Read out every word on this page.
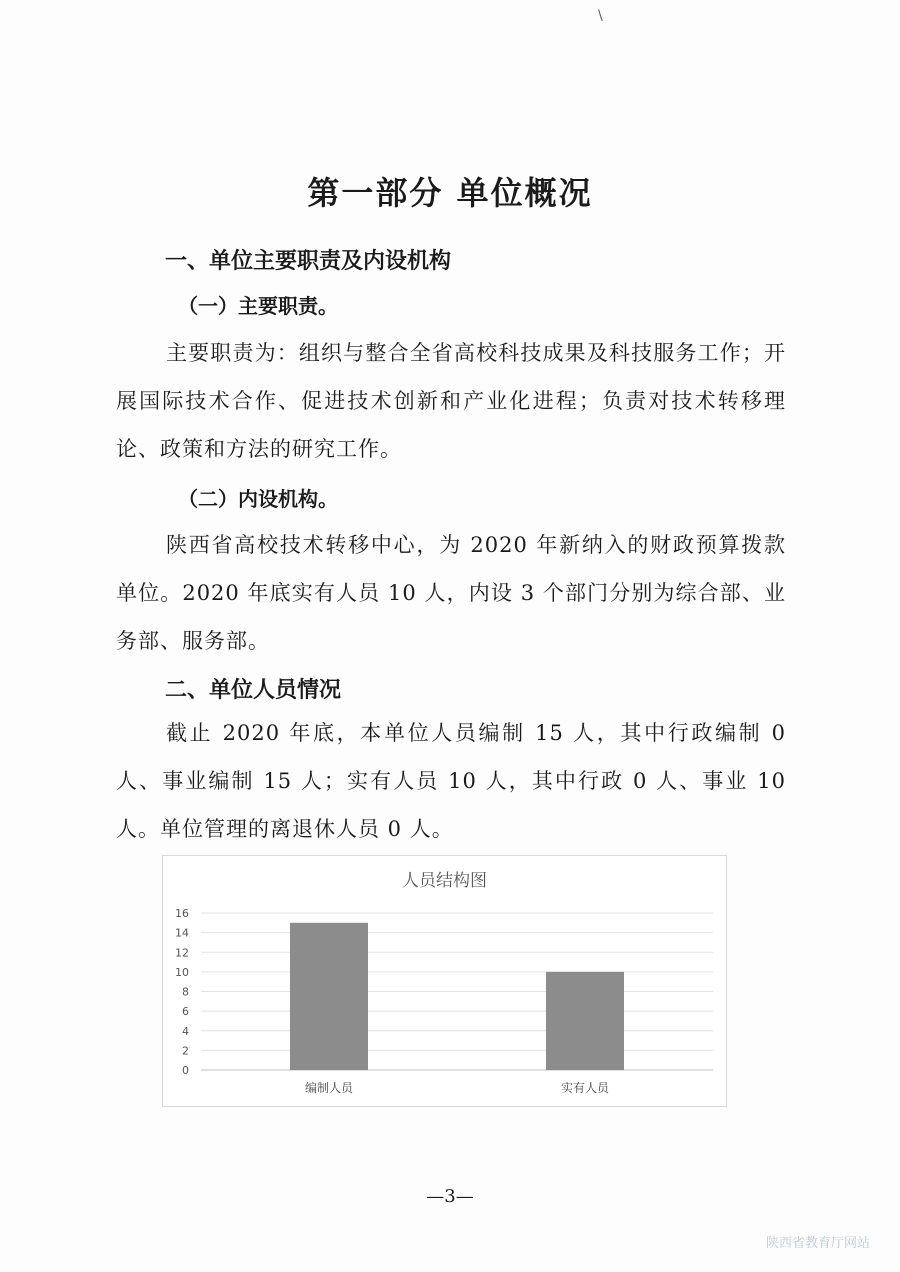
\
第一部分 单位概况
一、单位主要职责及内设机构
（一）主要职责。
主要职责为：组织与整合全省高校科技成果及科技服务工作；开展国际技术合作、促进技术创新和产业化进程；负责对技术转移理论、政策和方法的研究工作。
（二）内设机构。
陕西省高校技术转移中心，为 2020 年新纳入的财政预算拨款单位。2020 年底实有人员 10 人，内设 3 个部门分别为综合部、业务部、服务部。
二、单位人员情况
截止 2020 年底，本单位人员编制 15 人，其中行政编制 0 人、事业编制 15 人；实有人员 10 人，其中行政 0 人、事业 10 人。单位管理的离退休人员 0 人。
人员结构图
0
2
4
6
8
10
12
14
16
编制人员	实有人员
—3—
陕西省教育厅网站
